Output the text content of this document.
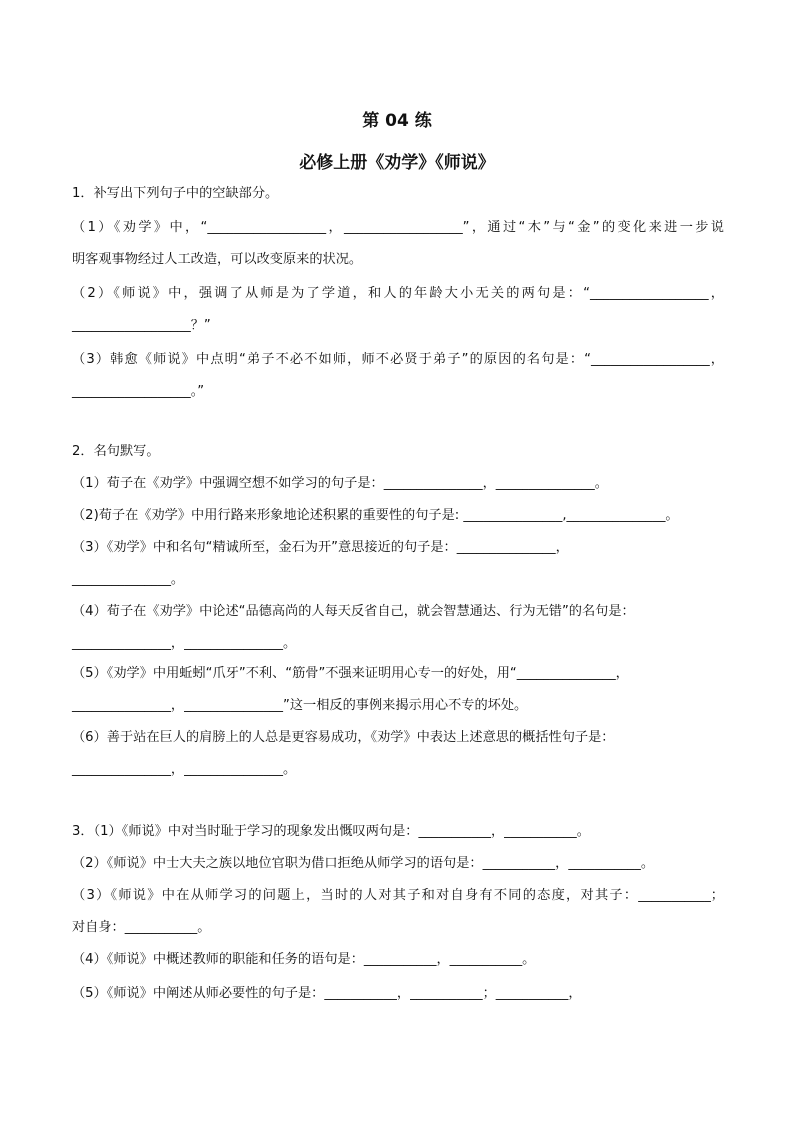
第 04 练
必修上册《劝学》《师说》
1．补写出下列句子中的空缺部分。
（1）《劝学》中，“__________________，__________________”，通过“木”与“金”的变化来进一步说
明客观事物经过人工改造，可以改变原来的状况。
（2）《师说》中，强调了从师是为了学道，和人的年龄大小无关的两句是：“__________________，
__________________？”
（3）韩愈《师说》中点明“弟子不必不如师，师不必贤于弟子”的原因的名句是：“__________________，
__________________。”
2．名句默写。
（1）荀子在《劝学》中强调空想不如学习的句子是：_______________，_______________。
（2)荀子在《劝学》中用行路来形象地论述积累的重要性的句子是: _______________,_______________。
（3）《劝学》中和名句“精诚所至，金石为开”意思接近的句子是：_______________，
_______________。
（4）荀子在《劝学》中论述“品德高尚的人每天反省自己，就会智慧通达、行为无错”的名句是：
_______________，_______________。
（5）《劝学》中用蚯蚓“爪牙”不利、“筋骨”不强来证明用心专一的好处，用“_______________，
_______________，_______________”这一相反的事例来揭示用心不专的坏处。
（6）善于站在巨人的肩膀上的人总是更容易成功，《劝学》中表达上述意思的概括性句子是：
_______________，_______________。
3．（1）《师说》中对当时耻于学习的现象发出慨叹两句是：___________，___________。
（2）《师说》中士大夫之族以地位官职为借口拒绝从师学习的语句是：___________，___________。
（3）《师说》中在从师学习的问题上，当时的人对其子和对自身有不同的态度，对其子：___________；
对自身：___________。
（4）《师说》中概述教师的职能和任务的语句是：___________，___________。
（5）《师说》中阐述从师必要性的句子是：___________，___________；___________，
